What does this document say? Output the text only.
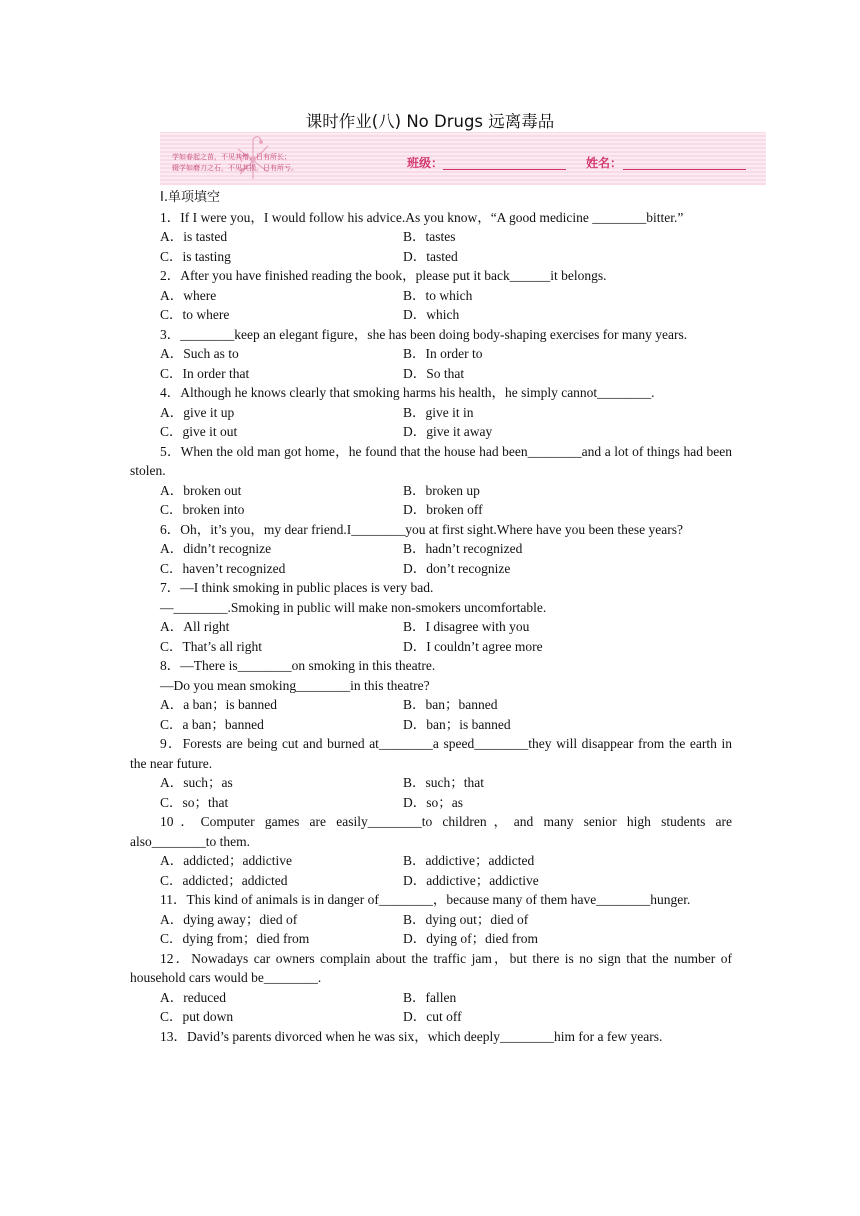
课时作业(八) No Drugs 远离毒品
学如春起之苗，不见其增，日有所长；
辍学如磨刀之石，不见其损，日有所亏。	班级：	姓名：
Ⅰ.单项填空
1．If I were you，I would follow his advice.As you know，“A good medicine ________bitter.”
A．is tasted	B．tastes
C．is tasting	D．tasted
2．After you have finished reading the book，please put it back______it belongs.
A．where	B．to which
C．to where	D．which
3．________keep an elegant figure，she has been doing body-shaping exercises for many years.
A．Such as to	B．In order to
C．In order that	D．So that
4．Although he knows clearly that smoking harms his health，he simply cannot________.
A．give it up	B．give it in
C．give it out	D．give it away
5．When the old man got home，he found that the house had been________and a lot of things had been stolen.
A．broken out	B．broken up
C．broken into	D．broken off
6．Oh，it’s you，my dear friend.I________you at first sight.Where have you been these years?
A．didn’t recognize	B．hadn’t recognized
C．haven’t recognized	D．don’t recognize
7．—I think smoking in public places is very bad.
—________.Smoking in public will make non-smokers uncomfortable.
A．All right	B．I disagree with you
C．That’s all right	D．I couldn’t agree more
8．—There is________on smoking in this theatre.
—Do you mean smoking________in this theatre?
A．a ban；is banned	B．ban；banned
C．a ban；banned	D．ban；is banned
9．Forests are being cut and burned at________a speed________they will disappear from the earth in the near future.
A．such；as	B．such；that
C．so；that	D．so；as
10．Computer games are easily________to children，and many senior high students are also________to them.
A．addicted；addictive	B．addictive；addicted
C．addicted；addicted	D．addictive；addictive
11．This kind of animals is in danger of________，because many of them have________hunger.
A．dying away；died of	B．dying out；died of
C．dying from；died from	D．dying of；died from
12．Nowadays car owners complain about the traffic jam，but there is no sign that the number of household cars would be________.
A．reduced	B．fallen
C．put down	D．cut off
13．David’s parents divorced when he was six，which deeply________him for a few years.
